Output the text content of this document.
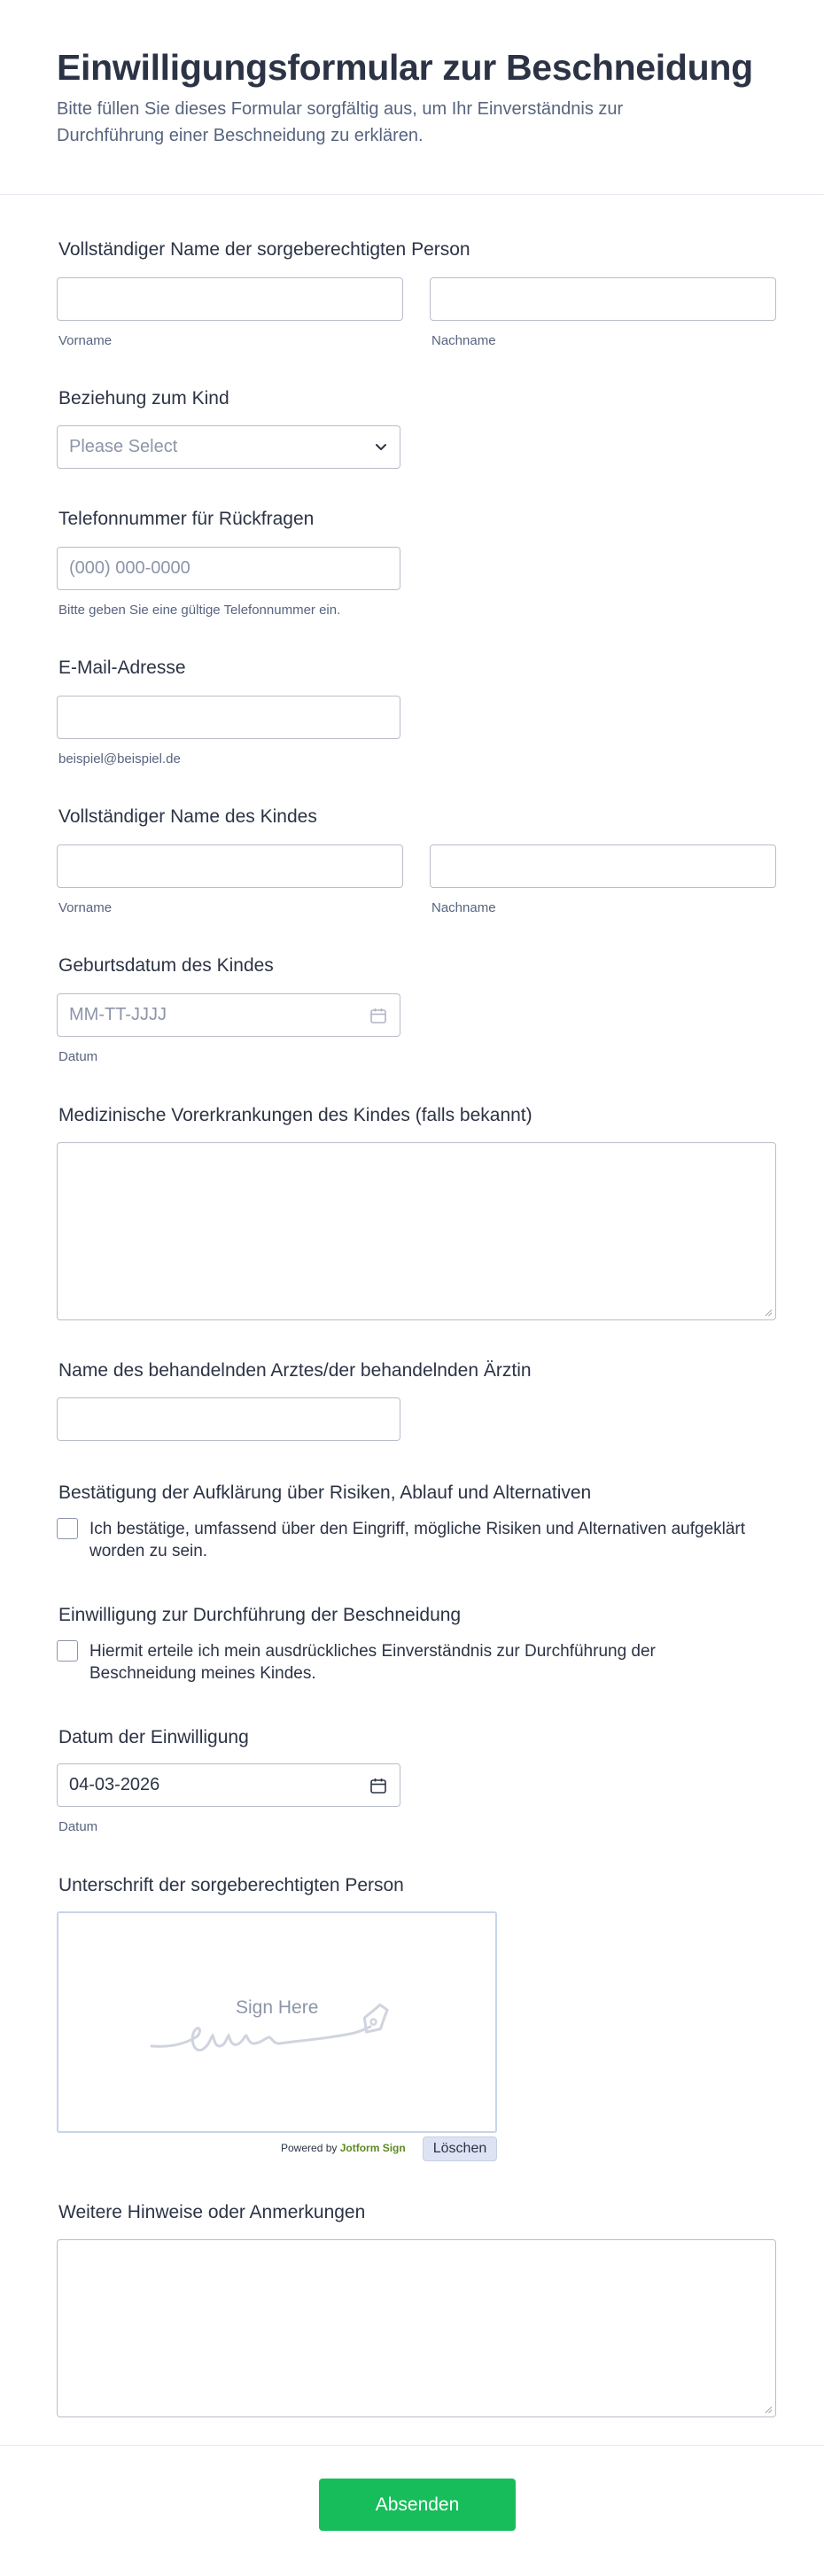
Einwilligungsformular zur Beschneidung
Bitte füllen Sie dieses Formular sorgfältig aus, um Ihr Einverständnis zur Durchführung einer Beschneidung zu erklären.
Vollständiger Name der sorgeberechtigten Person
Vorname	Nachname
Beziehung zum Kind
Please Select
Telefonnummer für Rückfragen
(000) 000-0000
Bitte geben Sie eine gültige Telefonnummer ein.
E-Mail-Adresse
beispiel@beispiel.de
Vollständiger Name des Kindes
Vorname	Nachname
Geburtsdatum des Kindes
MM-TT-JJJJ
Datum
Medizinische Vorerkrankungen des Kindes (falls bekannt)
Name des behandelnden Arztes/der behandelnden Ärztin
Bestätigung der Aufklärung über Risiken, Ablauf und Alternativen
Ich bestätige, umfassend über den Eingriff, mögliche Risiken und Alternativen aufgeklärt worden zu sein.
Einwilligung zur Durchführung der Beschneidung
Hiermit erteile ich mein ausdrückliches Einverständnis zur Durchführung der Beschneidung meines Kindes.
Datum der Einwilligung
04-03-2026
Datum
Unterschrift der sorgeberechtigten Person
Sign Here
Powered by Jotform Sign	Löschen
Weitere Hinweise oder Anmerkungen
Absenden
